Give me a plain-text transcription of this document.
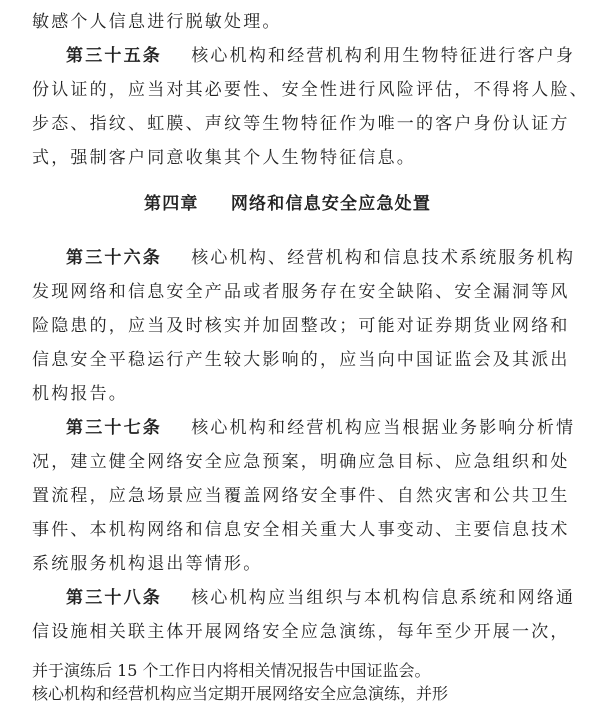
敏感个人信息进行脱敏处理。
第三十五条 核心机构和经营机构利用生物特征进行客户身
份认证的，应当对其必要性、安全性进行风险评估，不得将人脸、
步态、指纹、虹膜、声纹等生物特征作为唯一的客户身份认证方
式，强制客户同意收集其个人生物特征信息。
第四章 网络和信息安全应急处置
第三十六条 核心机构、经营机构和信息技术系统服务机构
发现网络和信息安全产品或者服务存在安全缺陷、安全漏洞等风
险隐患的，应当及时核实并加固整改；可能对证券期货业网络和
信息安全平稳运行产生较大影响的，应当向中国证监会及其派出
机构报告。
第三十七条 核心机构和经营机构应当根据业务影响分析情
况，建立健全网络安全应急预案，明确应急目标、应急组织和处
置流程，应急场景应当覆盖网络安全事件、自然灾害和公共卫生
事件、本机构网络和信息安全相关重大人事变动、主要信息技术
系统服务机构退出等情形。
第三十八条 核心机构应当组织与本机构信息系统和网络通
信设施相关联主体开展网络安全应急演练，每年至少开展一次，
并于演练后 15 个工作日内将相关情况报告中国证监会。
核心机构和经营机构应当定期开展网络安全应急演练，并形
